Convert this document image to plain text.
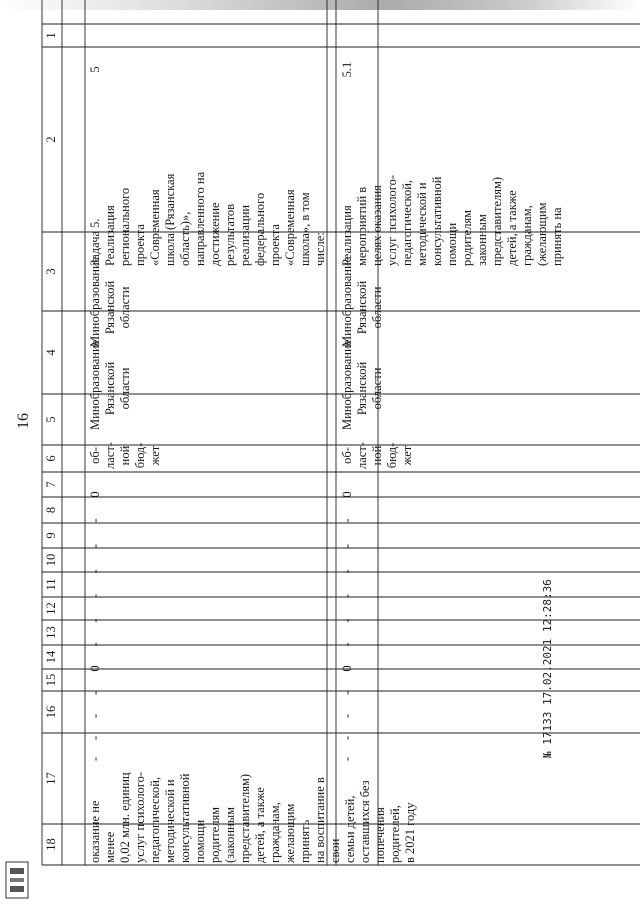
18
17
16
15
14
13
12
11
10
9
8
7
6
5
4
3
2
1
5
Задача 5.
Реализация
регионального
проекта
«Современная
школа (Рязанская
область)»,
направленного на
достижение
результатов
реализации
федерального
проекта
«Современная
школа», в том
числе:
Минобразование
Рязанской
области
Минобразование
Рязанской
области
об-
ласт-
ной
бюд-
жет
0
-
-
-
-
-
-
0
-
-
-
-
оказание не менее
0,02 млн. единиц
услуг психолого-
педагогической,
методической и
консультативной
помощи родителям
(законным
представителям)
детей, а также
гражданам,
желающим принять
на воспитание в свои
семьи детей,
оставшихся без
попечения родителей,
в 2021 году
5.1
Реализация
мероприятий в
целях оказания
услуг психолого-
педагогической,
методической и
консультативной
помощи
родителям
законным
представителям)
детей, а также
гражданам,
(желающим
принять на
Минобразование
Рязанской
области
Минобразование
Рязанской
области
об-
ласт-
ной
бюд-
жет
0
-
-
-
-
-
-
0
-
-
-
-
16
№ 17133 17.02.2021 12:28:36
